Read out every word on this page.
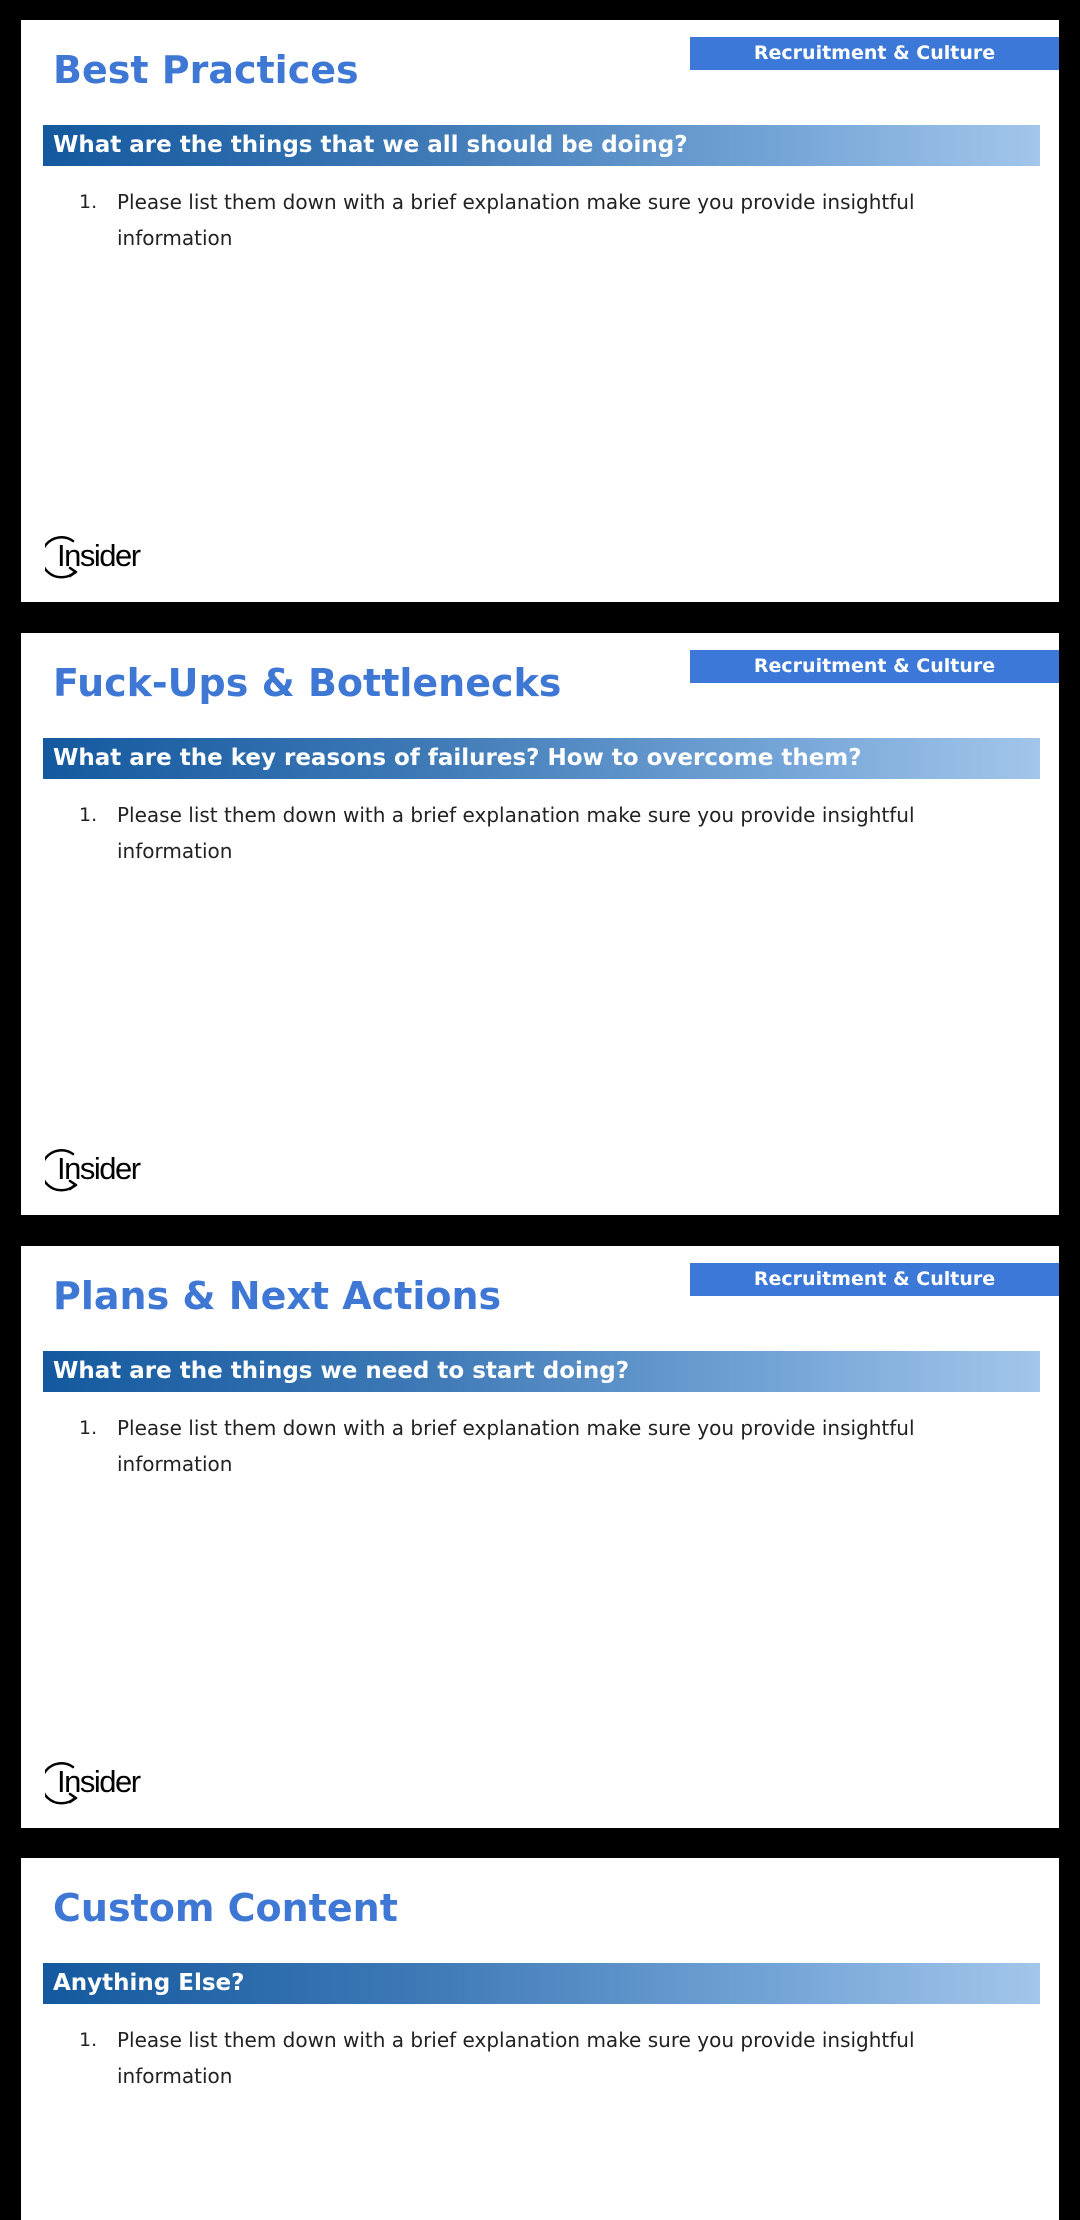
Best Practices	Recruitment & Culture
What are the things that we all should be doing?
1. Please list them down with a brief explanation make sure you provide insightful information
Insider
Fuck-Ups & Bottlenecks	Recruitment & Culture
What are the key reasons of failures? How to overcome them?
1. Please list them down with a brief explanation make sure you provide insightful information
Insider
Plans & Next Actions	Recruitment & Culture
What are the things we need to start doing?
1. Please list them down with a brief explanation make sure you provide insightful information
Insider
Custom Content
Anything Else?
1. Please list them down with a brief explanation make sure you provide insightful information
